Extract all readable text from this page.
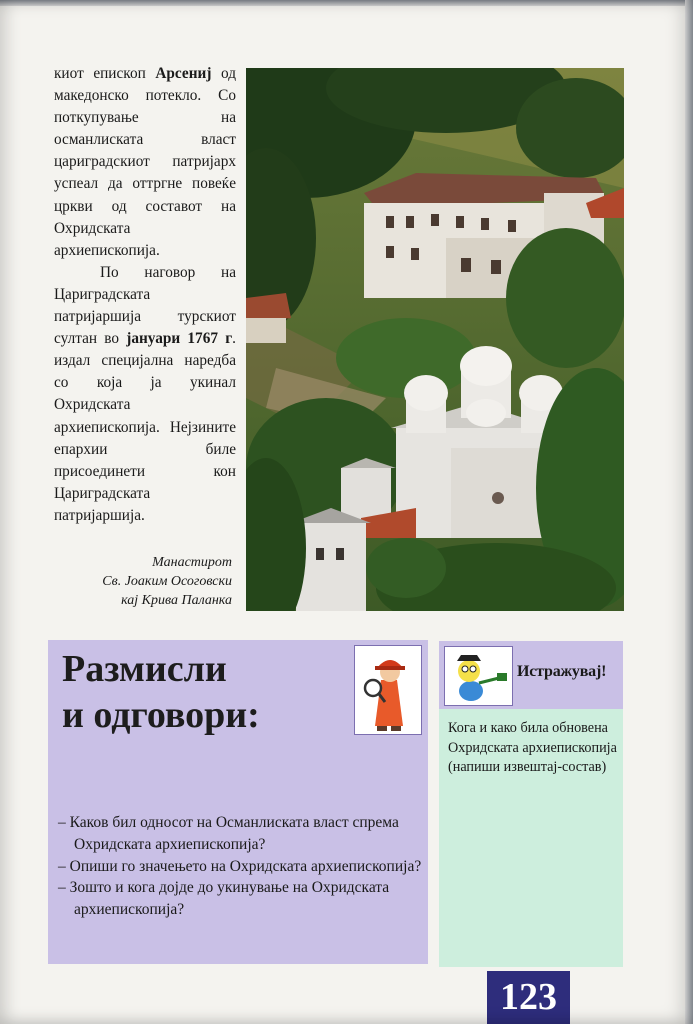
киот епископ Арсениј од македонско потекло. Со поткупување на османлиската власт цариградскиот патријарх успеал да оттргне повеќе цркви од составот на Охридската архиепископија.

По наговор на Цариградската патријаршија турскиот султан во јануари 1767 г. издал специјална наредба со која ја укинал Охридската архиепископија. Нејзините епархии биле присоединети кон Цариградската патријаршија.

Манастирот
Св. Јоаким Осоговски
кај Крива Паланка
Размисли
и одговори:
– Каков бил односот на Османлиската власт спрема Охридската архиепископија?
– Опиши го значењето на Охридската архиепископија?
– Зошто и кога дојде до укинување на Охридската архиепископија?
Истражувај!
Кога и како била обновена Охридската архиепископија (напиши извештај-состав)
123
